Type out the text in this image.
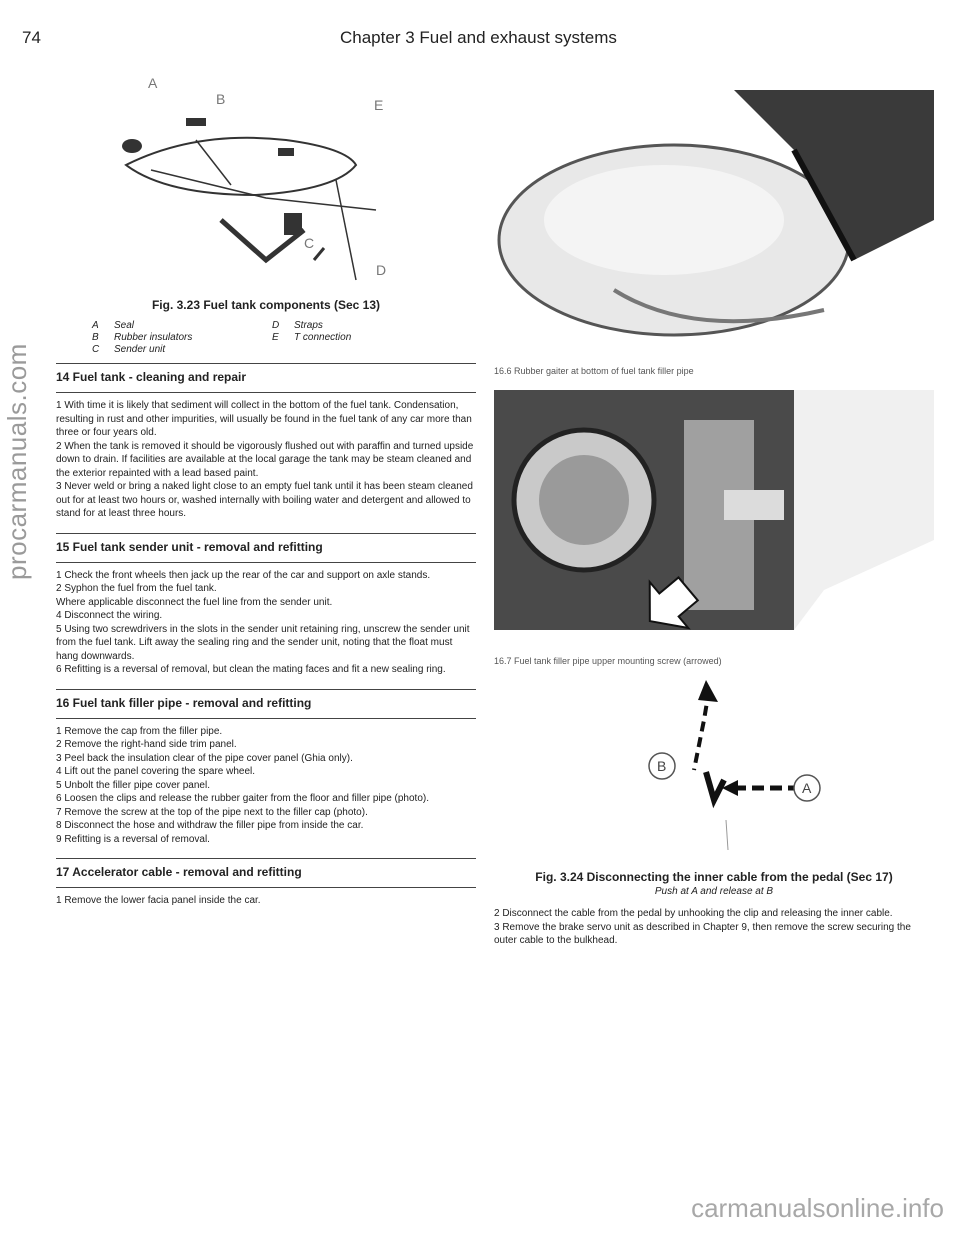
procarmanuals.com
74	Chapter 3 Fuel and exhaust systems
A
B
C
D
E
Fig. 3.23 Fuel tank components (Sec 13)
A	Seal	D	Straps
B	Rubber insulators	E	T connection
C	Sender unit
14 Fuel tank - cleaning and repair

1 With time it is likely that sediment will collect in the bottom of the fuel tank. Condensation, resulting in rust and other impurities, will usually be found in the fuel tank of any car more than three or four years old.

2 When the tank is removed it should be vigorously flushed out with paraffin and turned upside down to drain. If facilities are available at the local garage the tank may be steam cleaned and the exterior repainted with a lead based paint.

3 Never weld or bring a naked light close to an empty fuel tank until it has been steam cleaned out for at least two hours or, washed internally with boiling water and detergent and allowed to stand for at least three hours.

15 Fuel tank sender unit - removal and refitting

1 Check the front wheels then jack up the rear of the car and support on axle stands.

2 Syphon the fuel from the fuel tank.

Where applicable disconnect the fuel line from the sender unit.

4 Disconnect the wiring.

5 Using two screwdrivers in the slots in the sender unit retaining ring, unscrew the sender unit from the fuel tank. Lift away the sealing ring and the sender unit, noting that the float must hang downwards.

6 Refitting is a reversal of removal, but clean the mating faces and fit a new sealing ring.

16 Fuel tank filler pipe - removal and refitting

1 Remove the cap from the filler pipe.

2 Remove the right-hand side trim panel.

3 Peel back the insulation clear of the pipe cover panel (Ghia only).

4 Lift out the panel covering the spare wheel.

5 Unbolt the filler pipe cover panel.

6 Loosen the clips and release the rubber gaiter from the floor and filler pipe (photo).

7 Remove the screw at the top of the pipe next to the filler cap (photo).

8 Disconnect the hose and withdraw the filler pipe from inside the car.

9 Refitting is a reversal of removal.

17 Accelerator cable - removal and refitting

1 Remove the lower facia panel inside the car.

16.6 Rubber gaiter at bottom of fuel tank filler pipe
16.7 Fuel tank filler pipe upper mounting screw (arrowed)
B
A
Fig. 3.24 Disconnecting the inner cable from the pedal (Sec 17)
Push at A and release at B

2 Disconnect the cable from the pedal by unhooking the clip and releasing the inner cable.

3 Remove the brake servo unit as described in Chapter 9, then remove the screw securing the outer cable to the bulkhead.

carmanualsonline.info
